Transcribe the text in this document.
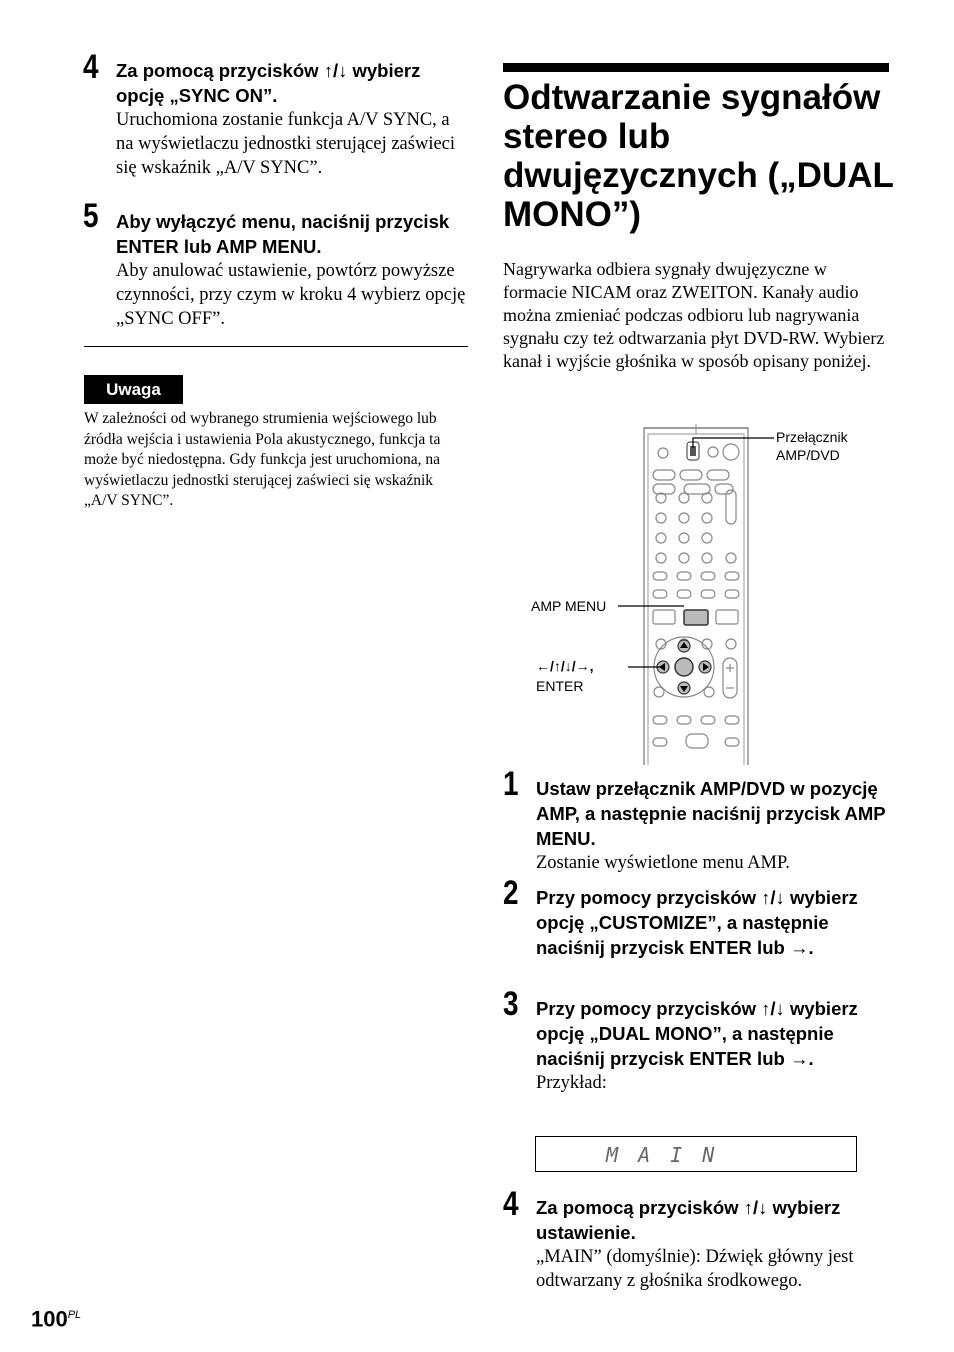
4 Za pomocą przycisków ↑/↓ wybierz opcję „SYNC ON”.

Uruchomiona zostanie funkcja A/V SYNC, a na wyświetlaczu jednostki sterującej zaświeci się wskaźnik „A/V SYNC”.

5 Aby wyłączyć menu, naciśnij przycisk ENTER lub AMP MENU.

Aby anulować ustawienie, powtórz powyższe czynności, przy czym w kroku 4 wybierz opcję „SYNC OFF”.

Uwaga

W zależności od wybranego strumienia wejściowego lub źródła wejścia i ustawienia Pola akustycznego, funkcja ta może być niedostępna. Gdy funkcja jest uruchomiona, na wyświetlaczu jednostki sterującej zaświeci się wskaźnik „A/V SYNC”.

Odtwarzanie sygnałów stereo lub dwujęzycznych („DUAL MONO”)

Nagrywarka odbiera sygnały dwujęzyczne w formacie NICAM oraz ZWEITON. Kanały audio można zmieniać podczas odbioru lub nagrywania sygnału czy też odtwarzania płyt DVD-RW. Wybierz kanał i wyjście głośnika w sposób opisany poniżej.

Przełącznik
AMP/DVD
AMP MENU
←/↑/↓/→,
ENTER
1 Ustaw przełącznik AMP/DVD w pozycję AMP, a następnie naciśnij przycisk AMP MENU.

Zostanie wyświetlone menu AMP.

2 Przy pomocy przycisków ↑/↓ wybierz opcję „CUSTOMIZE”, a następnie naciśnij przycisk ENTER lub →.

3 Przy pomocy przycisków ↑/↓ wybierz opcję „DUAL MONO”, a następnie naciśnij przycisk ENTER lub →.

Przykład:

M A I N
4 Za pomocą przycisków ↑/↓ wybierz ustawienie.

„MAIN” (domyślnie): Dźwięk główny jest odtwarzany z głośnika środkowego.

$100^{PL}$
